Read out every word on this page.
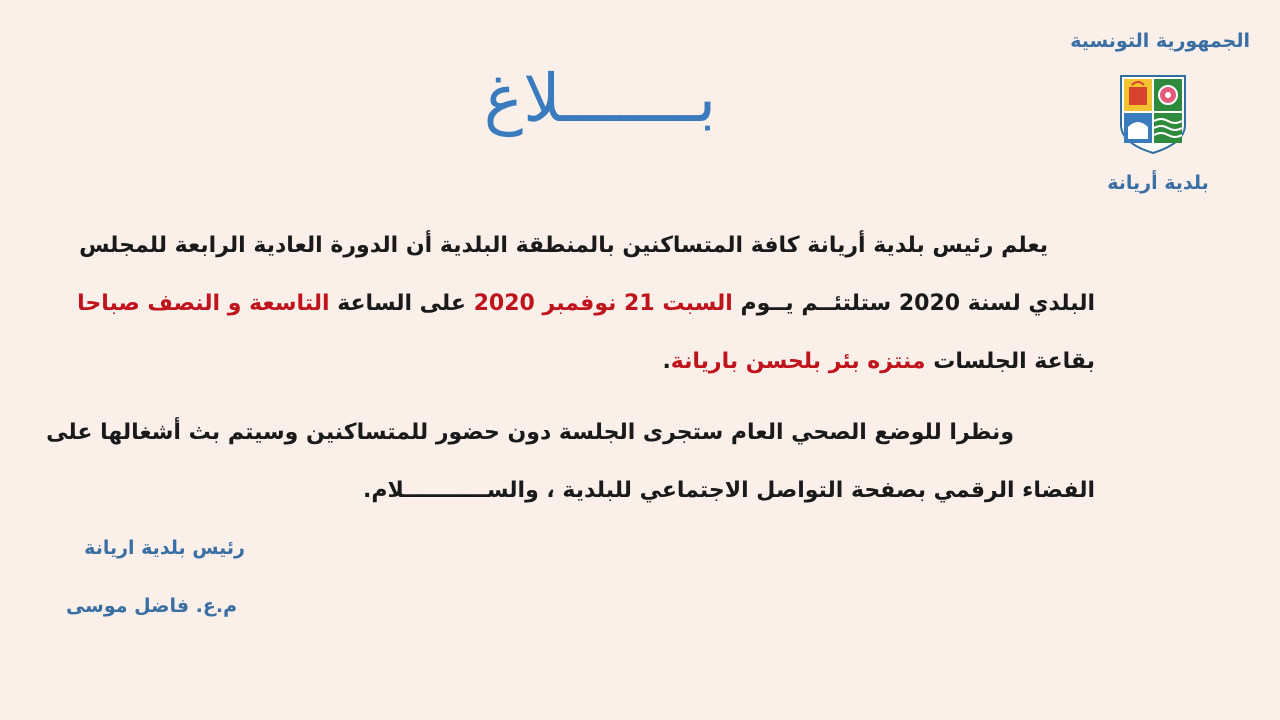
الجمهورية التونسية
بلدية أريانة
بـــــــلاغ
يعلم رئيس بلدية أريانة كافة المتساكنين بالمنطقة البلدية أن الدورة العادية الرابعة للمجلس
البلدي لسنة 2020 ستلتئــم يــوم السبت 21 نوفمبر 2020 على الساعة التاسعة و النصف صباحا
بقاعة الجلسات منتزه بئر بلحسن باريانة.
ونظرا للوضع الصحي العام ستجرى الجلسة دون حضور للمتساكنين وسيتم بث أشغالها على
الفضاء الرقمي بصفحة التواصل الاجتماعي للبلدية ، والســـــــــــلام.
رئيس بلدية اريانة
م.ع. فاضل موسى
